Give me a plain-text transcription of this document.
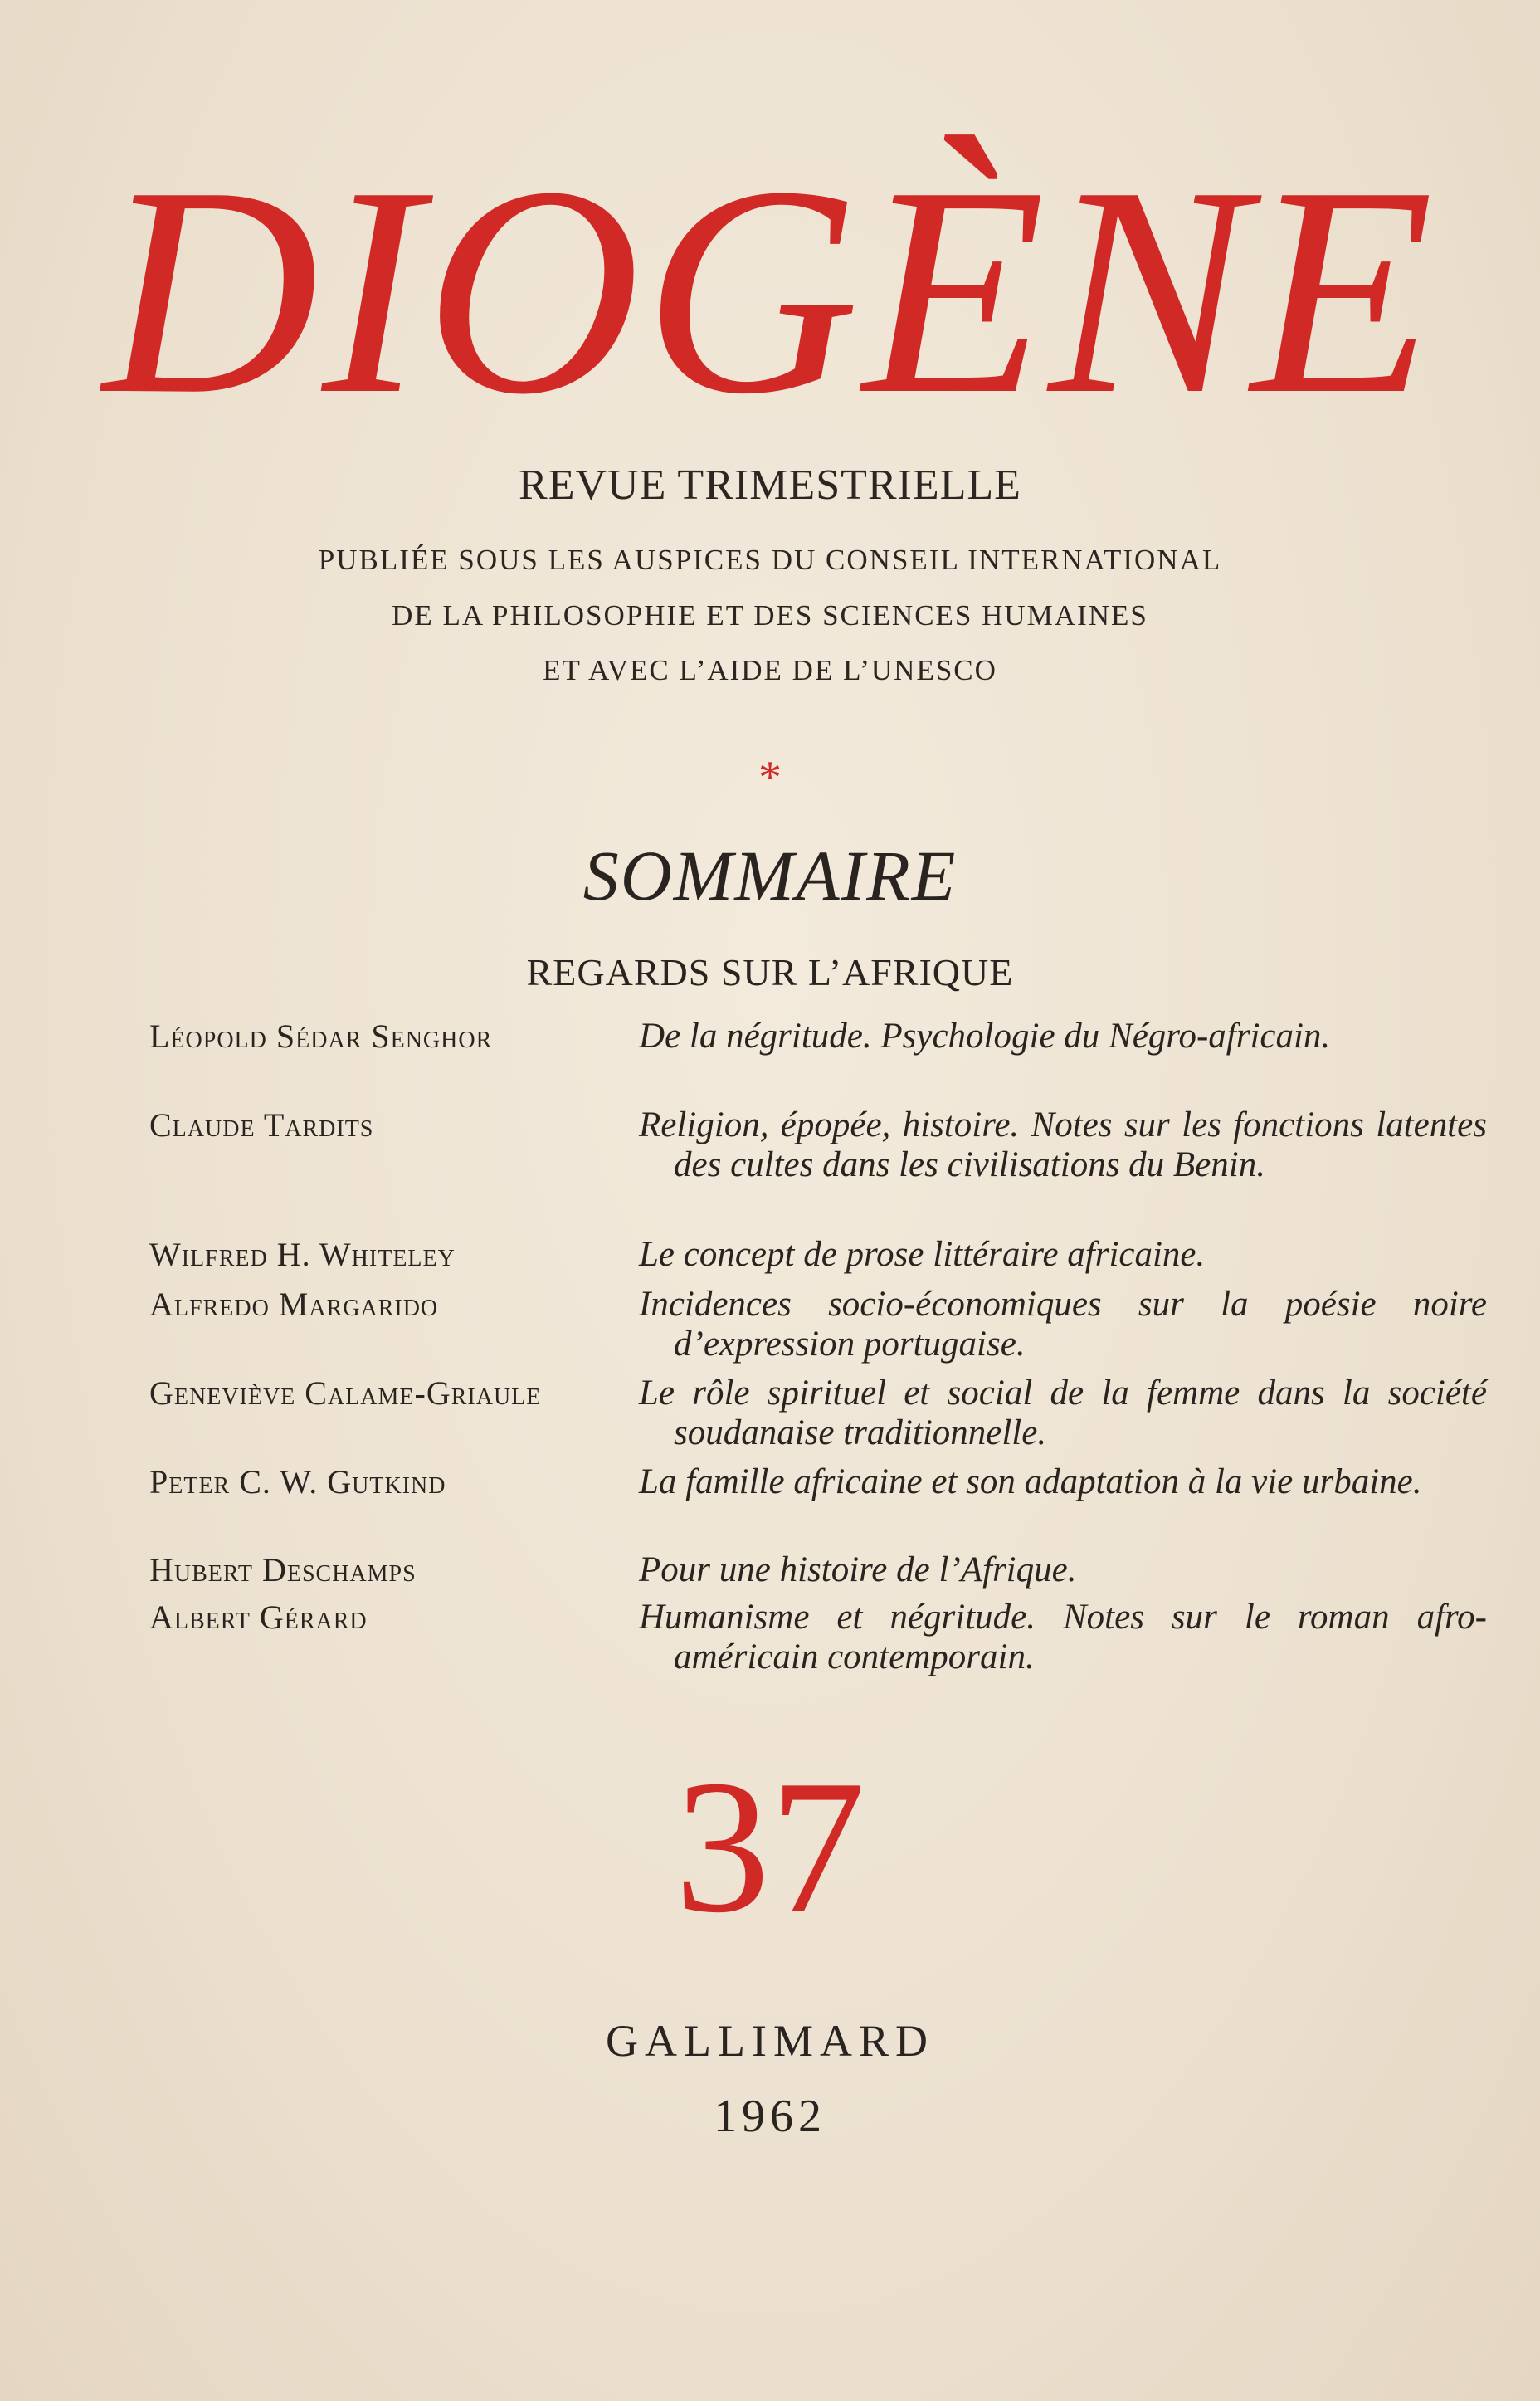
DIOGÈNE
REVUE TRIMESTRIELLE
PUBLIÉE SOUS LES AUSPICES DU CONSEIL INTERNATIONAL
DE LA PHILOSOPHIE ET DES SCIENCES HUMAINES
ET AVEC L’AIDE DE L’UNESCO
*
SOMMAIRE
REGARDS SUR L’AFRIQUE
Léopold Sédar Senghor	De la négritude. Psychologie du Négro-africain.
Claude Tardits	Religion, épopée, histoire. Notes sur les fonctions latentes des cultes dans les civilisations du Benin.
Wilfred H. Whiteley	Le concept de prose littéraire africaine.
Alfredo Margarido	Incidences socio-économiques sur la poésie noire d’expression portugaise.
Geneviève Calame-Griaule	Le rôle spirituel et social de la femme dans la société soudanaise traditionnelle.
Peter C. W. Gutkind	La famille africaine et son adaptation à la vie urbaine.
Hubert Deschamps	Pour une histoire de l’Afrique.
Albert Gérard	Humanisme et négritude. Notes sur le roman afro-américain contemporain.
37
GALLIMARD
1962
